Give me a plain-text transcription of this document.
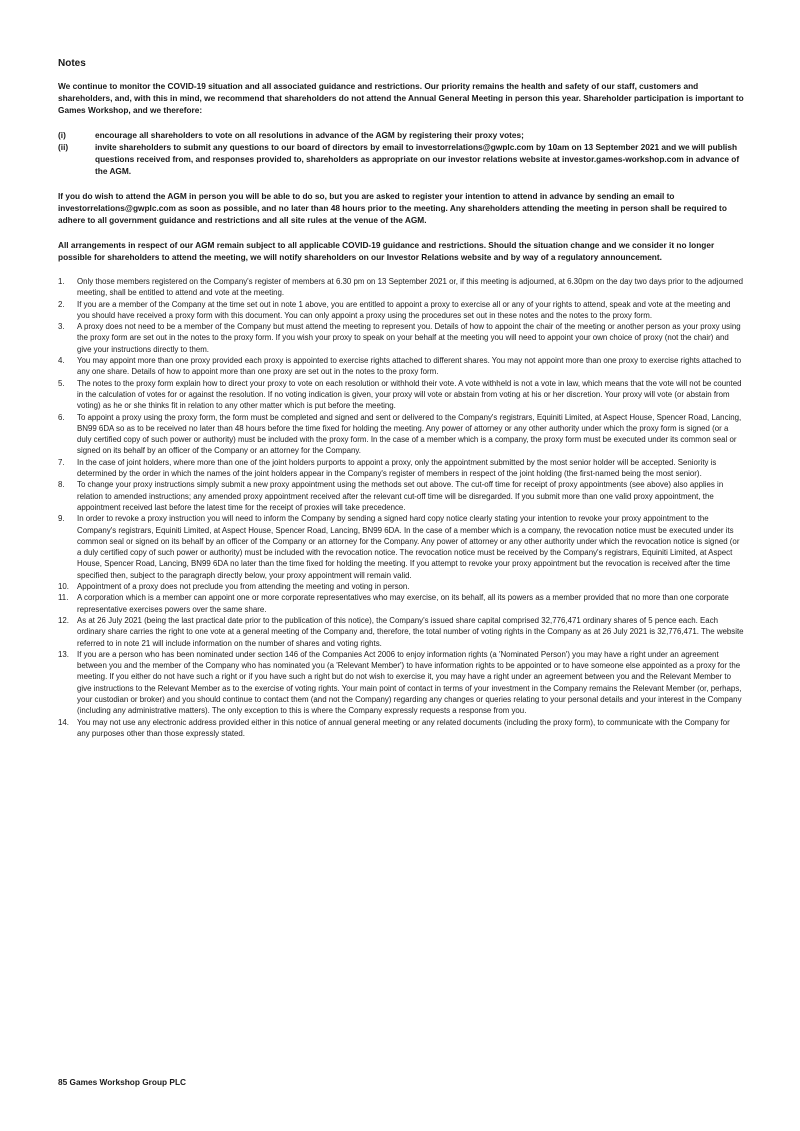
Notes

We continue to monitor the COVID-19 situation and all associated guidance and restrictions. Our priority remains the health and safety of our staff, customers and shareholders, and, with this in mind, we recommend that shareholders do not attend the Annual General Meeting in person this year. Shareholder participation is important to Games Workshop, and we therefore:

(i)	encourage all shareholders to vote on all resolutions in advance of the AGM by registering their proxy votes;
(ii)	invite shareholders to submit any questions to our board of directors by email to investorrelations@gwplc.com by 10am on 13 September 2021 and we will publish questions received from, and responses provided to, shareholders as appropriate on our investor relations website at investor.games-workshop.com in advance of the AGM.

If you do wish to attend the AGM in person you will be able to do so, but you are asked to register your intention to attend in advance by sending an email to investorrelations@gwplc.com as soon as possible, and no later than 48 hours prior to the meeting. Any shareholders attending the meeting in person shall be required to adhere to all government guidance and restrictions and all site rules at the venue of the AGM.

All arrangements in respect of our AGM remain subject to all applicable COVID-19 guidance and restrictions. Should the situation change and we consider it no longer possible for shareholders to attend the meeting, we will notify shareholders on our Investor Relations website and by way of a regulatory announcement.

1.	Only those members registered on the Company's register of members at 6.30 pm on 13 September 2021 or, if this meeting is adjourned, at 6.30pm on the day two days prior to the adjourned meeting, shall be entitled to attend and vote at the meeting.
2.	If you are a member of the Company at the time set out in note 1 above, you are entitled to appoint a proxy to exercise all or any of your rights to attend, speak and vote at the meeting and you should have received a proxy form with this document. You can only appoint a proxy using the procedures set out in these notes and the notes to the proxy form.
3.	A proxy does not need to be a member of the Company but must attend the meeting to represent you. Details of how to appoint the chair of the meeting or another person as your proxy using the proxy form are set out in the notes to the proxy form. If you wish your proxy to speak on your behalf at the meeting you will need to appoint your own choice of proxy (not the chair) and give your instructions directly to them.
4.	You may appoint more than one proxy provided each proxy is appointed to exercise rights attached to different shares. You may not appoint more than one proxy to exercise rights attached to any one share. Details of how to appoint more than one proxy are set out in the notes to the proxy form.
5.	The notes to the proxy form explain how to direct your proxy to vote on each resolution or withhold their vote. A vote withheld is not a vote in law, which means that the vote will not be counted in the calculation of votes for or against the resolution. If no voting indication is given, your proxy will vote or abstain from voting at his or her discretion. Your proxy will vote (or abstain from voting) as he or she thinks fit in relation to any other matter which is put before the meeting.
6.	To appoint a proxy using the proxy form, the form must be completed and signed and sent or delivered to the Company's registrars, Equiniti Limited, at Aspect House, Spencer Road, Lancing, BN99 6DA so as to be received no later than 48 hours before the time fixed for holding the meeting. Any power of attorney or any other authority under which the proxy form is signed (or a duly certified copy of such power or authority) must be included with the proxy form. In the case of a member which is a company, the proxy form must be executed under its common seal or signed on its behalf by an officer of the Company or an attorney for the Company.
7.	In the case of joint holders, where more than one of the joint holders purports to appoint a proxy, only the appointment submitted by the most senior holder will be accepted. Seniority is determined by the order in which the names of the joint holders appear in the Company's register of members in respect of the joint holding (the first-named being the most senior).
8.	To change your proxy instructions simply submit a new proxy appointment using the methods set out above. The cut-off time for receipt of proxy appointments (see above) also applies in relation to amended instructions; any amended proxy appointment received after the relevant cut-off time will be disregarded. If you submit more than one valid proxy appointment, the appointment received last before the latest time for the receipt of proxies will take precedence.
9.	In order to revoke a proxy instruction you will need to inform the Company by sending a signed hard copy notice clearly stating your intention to revoke your proxy appointment to the Company's registrars, Equiniti Limited, at Aspect House, Spencer Road, Lancing, BN99 6DA. In the case of a member which is a company, the revocation notice must be executed under its common seal or signed on its behalf by an officer of the Company or an attorney for the Company. Any power of attorney or any other authority under which the revocation notice is signed (or a duly certified copy of such power or authority) must be included with the revocation notice. The revocation notice must be received by the Company's registrars, Equiniti Limited, at Aspect House, Spencer Road, Lancing, BN99 6DA no later than the time fixed for holding the meeting. If you attempt to revoke your proxy appointment but the revocation is received after the time specified then, subject to the paragraph directly below, your proxy appointment will remain valid.
10.	Appointment of a proxy does not preclude you from attending the meeting and voting in person.
11.	A corporation which is a member can appoint one or more corporate representatives who may exercise, on its behalf, all its powers as a member provided that no more than one corporate representative exercises powers over the same share.
12.	As at 26 July 2021 (being the last practical date prior to the publication of this notice), the Company's issued share capital comprised 32,776,471 ordinary shares of 5 pence each. Each ordinary share carries the right to one vote at a general meeting of the Company and, therefore, the total number of voting rights in the Company as at 26 July 2021 is 32,776,471. The website referred to in note 21 will include information on the number of shares and voting rights.
13.	If you are a person who has been nominated under section 146 of the Companies Act 2006 to enjoy information rights (a 'Nominated Person') you may have a right under an agreement between you and the member of the Company who has nominated you (a 'Relevant Member') to have information rights to be appointed or to have someone else appointed as a proxy for the meeting. If you either do not have such a right or if you have such a right but do not wish to exercise it, you may have a right under an agreement between you and the Relevant Member to give instructions to the Relevant Member as to the exercise of voting rights. Your main point of contact in terms of your investment in the Company remains the Relevant Member (or, perhaps, your custodian or broker) and you should continue to contact them (and not the Company) regarding any changes or queries relating to your personal details and your interest in the Company (including any administrative matters). The only exception to this is where the Company expressly requests a response from you.
14.	You may not use any electronic address provided either in this notice of annual general meeting or any related documents (including the proxy form), to communicate with the Company for any purposes other than those expressly stated.
85 Games Workshop Group PLC
